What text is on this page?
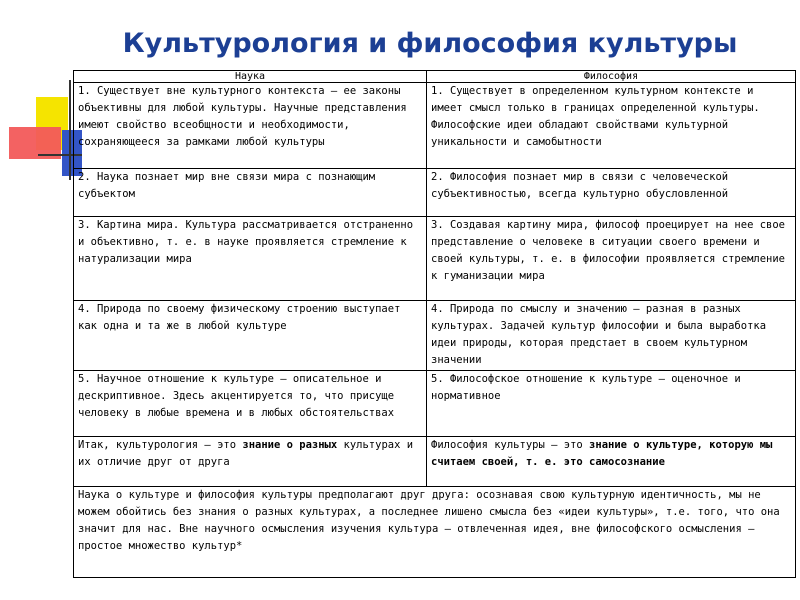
Культурология и философия культуры
Наука	Философия
1. Существует вне культурного контекста — ее законы объективны для любой культуры. Научные представления имеют свойство всеобщности и необходимости, сохраняющееся за рамками любой культуры	1. Существует в определенном культурном контексте и имеет смысл только в границах определенной культуры. Философские идеи обладают свойствами культурной уникальности и самобытности
2. Наука познает мир вне связи мира с познающим субъектом	2. Философия познает мир в связи с человеческой субъективностью, всегда культурно обусловленной
3. Картина мира. Культура рассматривается отстраненно и объективно, т. е. в науке проявляется стремление к натурализации мира	3. Создавая картину мира, философ проецирует на нее свое представление о человеке в ситуации своего времени и своей культуры, т. е. в философии проявляется стремление к гуманизации мира
4. Природа по своему физическому строению выступает как одна и та же в любой культуре	4. Природа по смыслу и значению — разная в разных культурах. Задачей культур философии и была выработка идеи природы, которая предстает в своем культурном значении
5. Научное отношение к культуре — описательное и дескриптивное. Здесь акцентируется то, что присуще человеку в любые времена и в любых обстоятельствах	5. Философское отношение к культуре — оценочное и нормативное
Итак, культурология — это знание о разных культурах и их отличие друг от друга	Философия культуры — это знание о культуре, которую мы считаем своей, т. е. это самосознание
Наука о культуре и философия культуры предполагают друг друга: осознавая свою культурную идентичность, мы не можем обойтись без знания о разных культурах, а последнее лишено смысла без «идеи культуры», т.е. того, что она значит для нас. Вне научного осмысления изучения культура – отвлеченная идея, вне философского осмысления – простое множество культур*	
